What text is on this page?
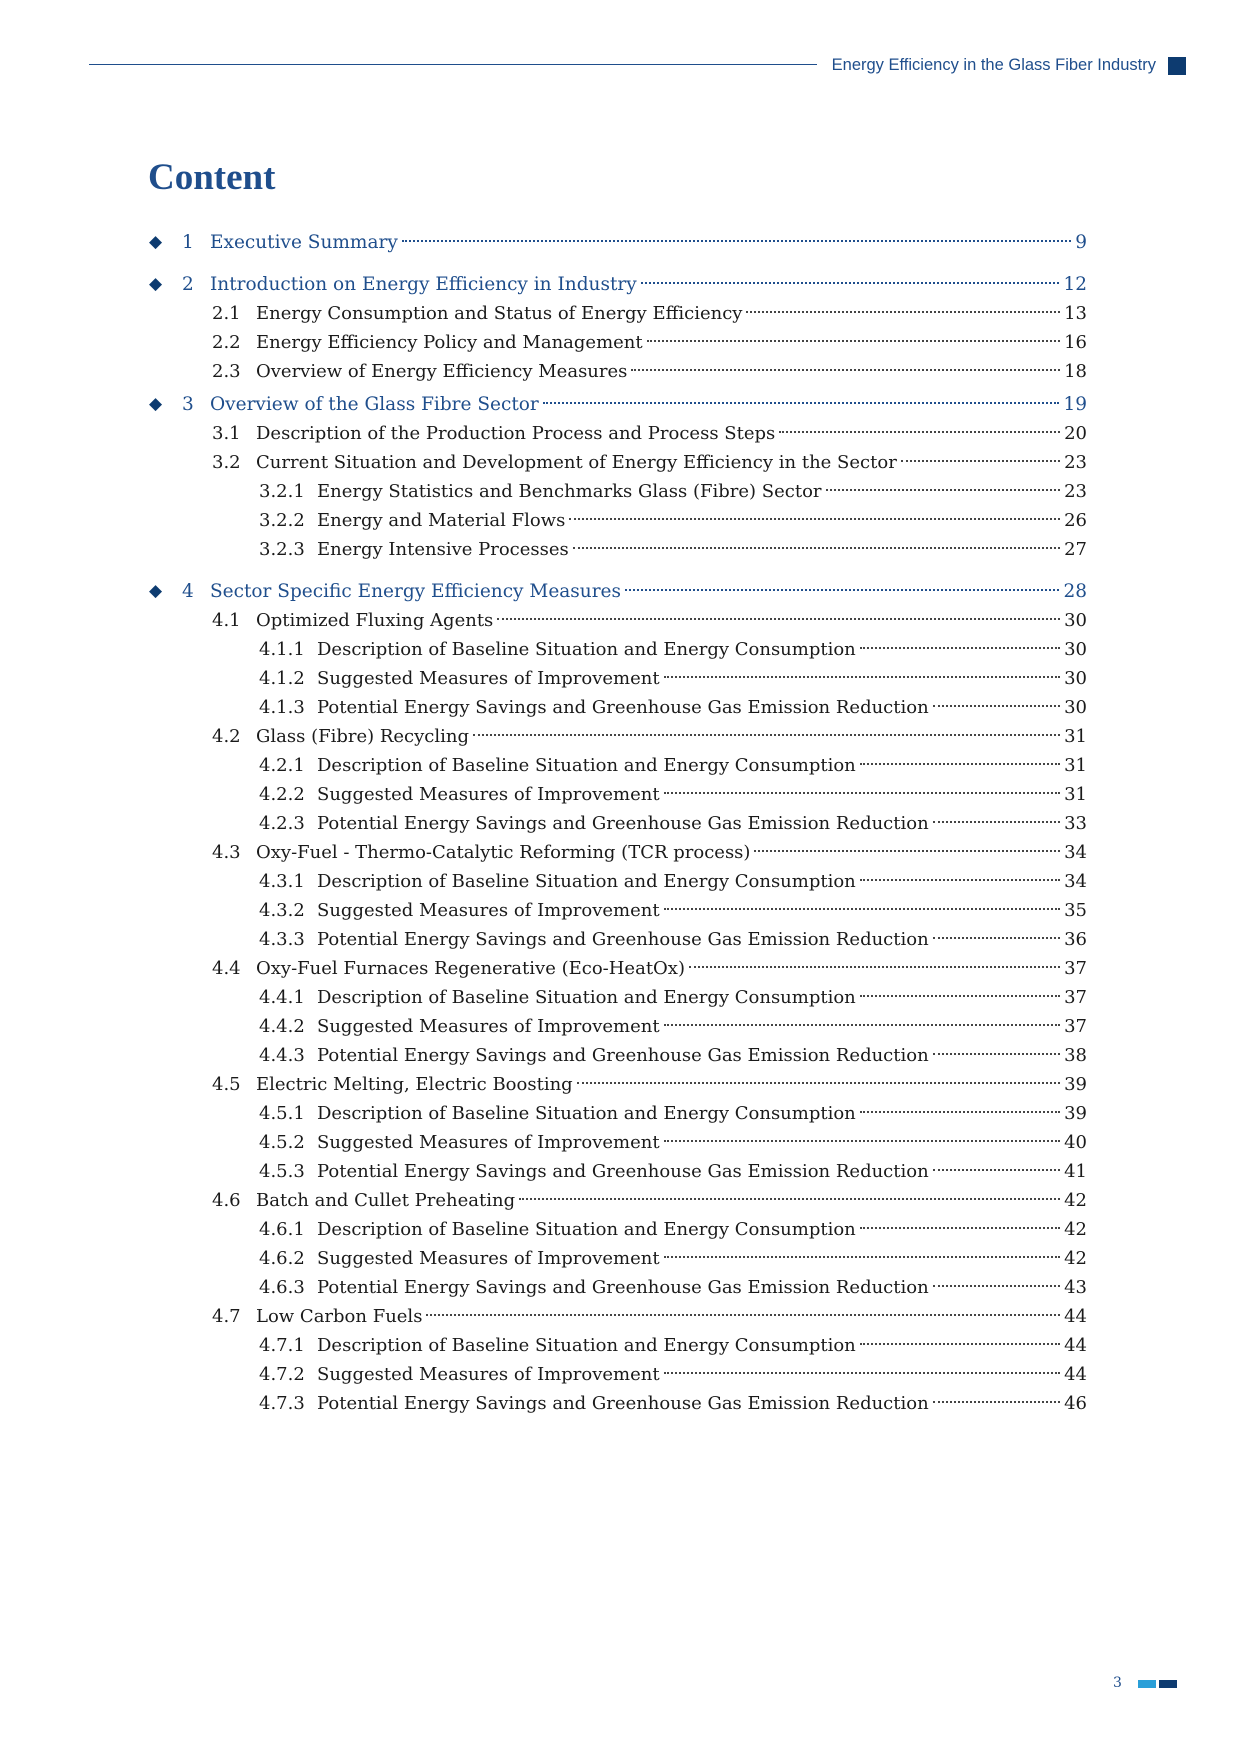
Energy Efficiency in the Glass Fiber Industry
Content
◆ 1 Executive Summary	9
◆ 2 Introduction on Energy Efficiency in Industry	12
2.1 Energy Consumption and Status of Energy Efficiency	13
2.2 Energy Efficiency Policy and Management	16
2.3 Overview of Energy Efficiency Measures	18
◆ 3 Overview of the Glass Fibre Sector	19
3.1 Description of the Production Process and Process Steps	20
3.2 Current Situation and Development of Energy Efficiency in the Sector	23
3.2.1 Energy Statistics and Benchmarks Glass (Fibre) Sector	23
3.2.2 Energy and Material Flows	26
3.2.3 Energy Intensive Processes	27
◆ 4 Sector Specific Energy Efficiency Measures	28
4.1 Optimized Fluxing Agents	30
4.1.1 Description of Baseline Situation and Energy Consumption	30
4.1.2 Suggested Measures of Improvement	30
4.1.3 Potential Energy Savings and Greenhouse Gas Emission Reduction	30
4.2 Glass (Fibre) Recycling	31
4.2.1 Description of Baseline Situation and Energy Consumption	31
4.2.2 Suggested Measures of Improvement	31
4.2.3 Potential Energy Savings and Greenhouse Gas Emission Reduction	33
4.3 Oxy-Fuel - Thermo-Catalytic Reforming (TCR process)	34
4.3.1 Description of Baseline Situation and Energy Consumption	34
4.3.2 Suggested Measures of Improvement	35
4.3.3 Potential Energy Savings and Greenhouse Gas Emission Reduction	36
4.4 Oxy-Fuel Furnaces Regenerative (Eco-HeatOx)	37
4.4.1 Description of Baseline Situation and Energy Consumption	37
4.4.2 Suggested Measures of Improvement	37
4.4.3 Potential Energy Savings and Greenhouse Gas Emission Reduction	38
4.5 Electric Melting, Electric Boosting	39
4.5.1 Description of Baseline Situation and Energy Consumption	39
4.5.2 Suggested Measures of Improvement	40
4.5.3 Potential Energy Savings and Greenhouse Gas Emission Reduction	41
4.6 Batch and Cullet Preheating	42
4.6.1 Description of Baseline Situation and Energy Consumption	42
4.6.2 Suggested Measures of Improvement	42
4.6.3 Potential Energy Savings and Greenhouse Gas Emission Reduction	43
4.7 Low Carbon Fuels	44
4.7.1 Description of Baseline Situation and Energy Consumption	44
4.7.2 Suggested Measures of Improvement	44
4.7.3 Potential Energy Savings and Greenhouse Gas Emission Reduction	46
3
